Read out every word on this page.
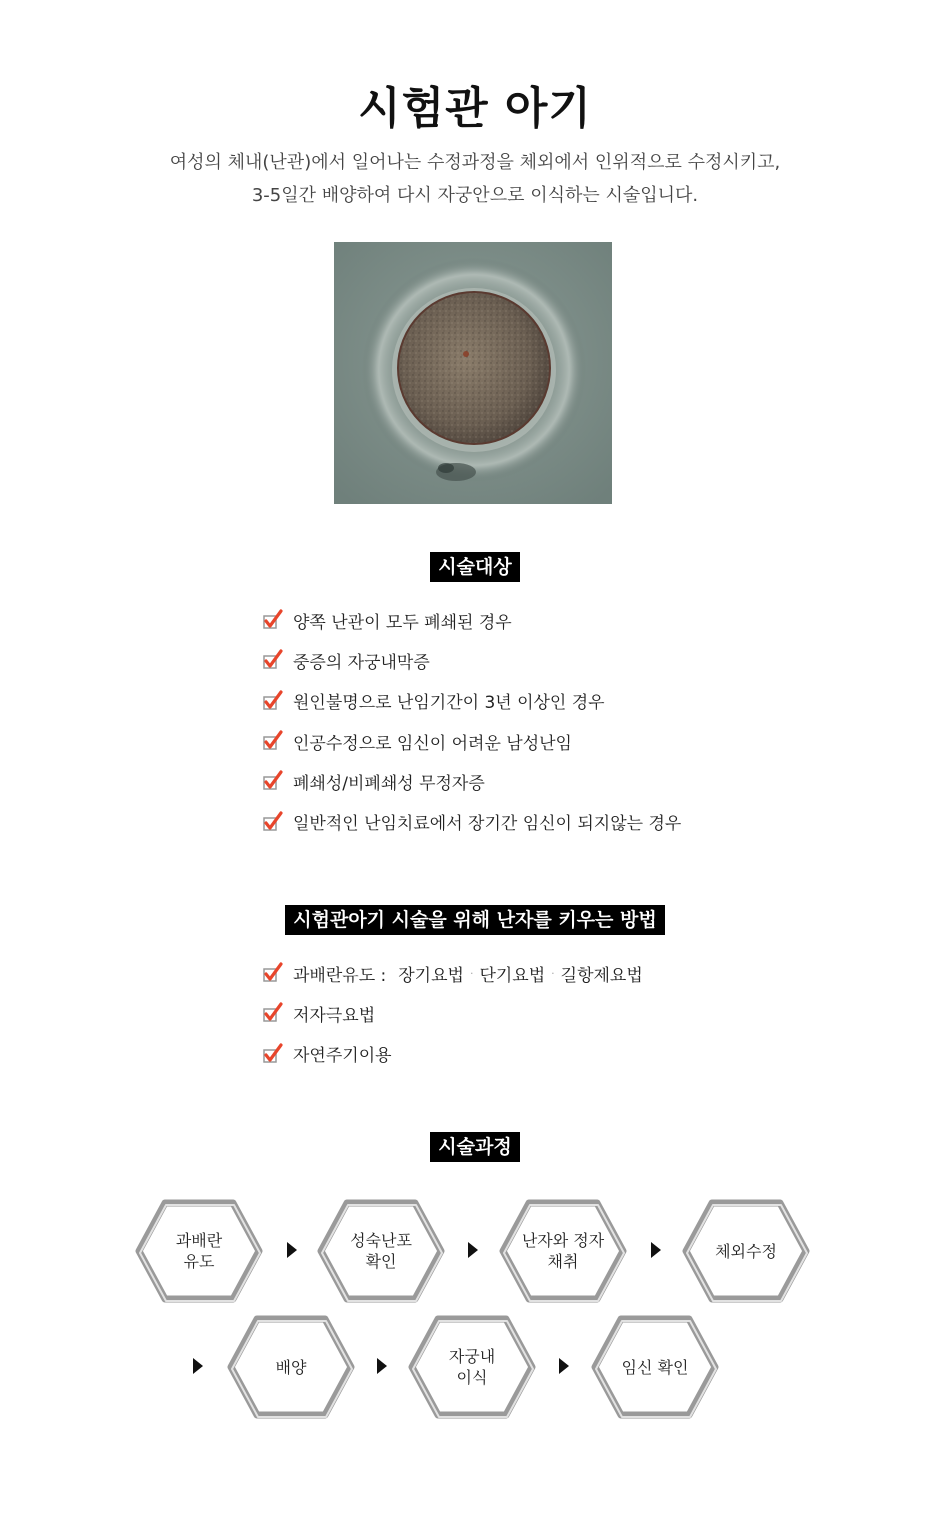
시험관 아기
여성의 체내(난관)에서 일어나는 수정과정을 체외에서 인위적으로 수정시키고,
3-5일간 배양하여 다시 자궁안으로 이식하는 시술입니다.
시술대상
양쪽 난관이 모두 폐쇄된 경우
중증의 자궁내막증
원인불명으로 난임기간이 3년 이상인 경우
인공수정으로 임신이 어려운 남성난임
폐쇄성/비폐쇄성 무정자증
일반적인 난임치료에서 장기간 임신이 되지않는 경우
시험관아기 시술을 위해 난자를 키우는 방법
과배란유도 : 장기요법 · 단기요법 · 길항제요법
저자극요법
자연주기이용
시술과정
과배란
유도
성숙난포
확인
난자와 정자
채취
체외수정
배양
자궁내
이식
임신 확인
